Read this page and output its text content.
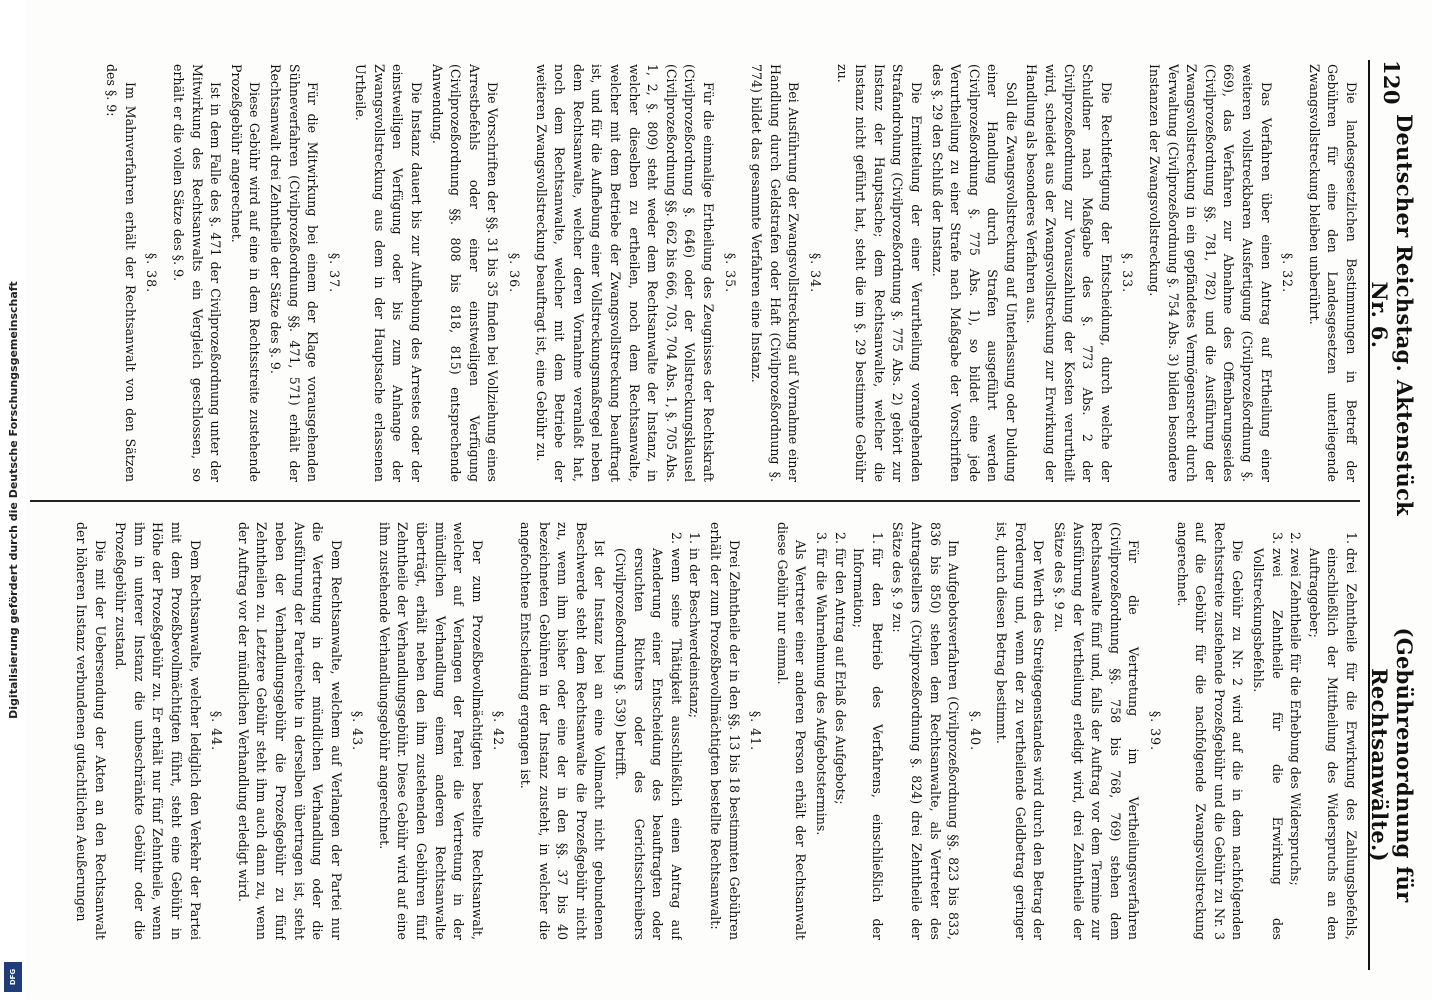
120
Deutscher Reichstag. Aktenstück Nr. 6.
(Gebührenordnung für Rechtsanwälte.)

Die landesgesetzlichen Bestimmungen in Betreff der Gebühren für eine den Landesgesetzen unterliegende Zwangsvollstreckung bleiben unberührt.

§. 32.

Das Verfahren über einen Antrag auf Ertheilung einer weiteren vollstreckbaren Ausfertigung (Civilprozeßordnung §. 669), das Verfahren zur Abnahme des Offenbarungseides (Civilprozeßordnung §§. 781, 782) und die Ausführung der Zwangsvollstreckung in ein gepfändetes Vermögensrecht durch Verwaltung (Civilprozeßordnung §. 754 Abs. 3) bilden besondere Instanzen der Zwangsvollstreckung.

§. 33.

Die Rechtfertigung der Entscheidung, durch welche der Schuldner nach Maßgabe des §. 773 Abs. 2 der Civilprozeßordnung zur Vorauszahlung der Kosten verurtheilt wird, scheidet aus der Zwangsvollstreckung zur Erwirkung der Handlung als besonderes Verfahren aus.

Soll die Zwangsvollstreckung auf Unterlassung oder Duldung einer Handlung durch Strafen ausgeführt werden (Civilprozeßordnung §. 775 Abs. 1), so bildet eine jede Verurtheilung zu einer Strafe nach Maßgabe der Vorschriften des §. 29 den Schluß der Instanz.

Die Ermittelung der einer Verurtheilung vorangehenden Strafandrohung (Civilprozeßordnung §. 775 Abs. 2) gehört zur Instanz der Hauptsache; dem Rechtsanwalte, welcher die Instanz nicht geführt hat, steht die im §. 29 bestimmte Gebühr zu.

§. 34.

Bei Ausführung der Zwangsvollstreckung auf Vornahme einer Handlung durch Geldstrafen oder Haft (Civilprozeßordnung §. 774) bildet das gesammte Verfahren eine Instanz.

§. 35.

Für die einmalige Ertheilung des Zeugnisses der Rechtskraft (Civilprozeßordnung §. 646) oder der Vollstreckungsklausel (Civilprozeßordnung §§. 662 bis 666, 703, 704 Abs. 1, §. 705 Abs. 1, 2, §. 809) steht weder dem Rechtsanwalte der Instanz, in welcher dieselben zu ertheilen, noch dem Rechtsanwalte, welcher mit dem Betriebe der Zwangsvollstreckung beauftragt ist, und für die Aufhebung einer Vollstreckungsmaßregel neben dem Rechtsanwalte, welcher deren Vornahme veranlaßt hat, noch dem Rechtsanwalte, welcher mit dem Betriebe der weiteren Zwangsvollstreckung beauftragt ist, eine Gebühr zu.

§. 36.

Die Vorschriften der §§. 31 bis 35 finden bei Vollziehung eines Arrestbefehls oder einer einstweiligen Verfügung (Civilprozeßordnung §§. 808 bis 818, 815) entsprechende Anwendung.

Die Instanz dauert bis zur Aufhebung des Arrestes oder der einstweiligen Verfügung oder bis zum Anhange der Zwangsvollstreckung aus dem in der Hauptsache erlassenen Urtheile.

§. 37.

Für die Mitwirkung bei einem der Klage vorausgehenden Sühneverfahren (Civilprozeßordnung §§. 471, 571) erhält der Rechtsanwalt drei Zehntheile der Sätze des §. 9.

Diese Gebühr wird auf eine in dem Rechtsstreite zustehende Prozeßgebühr angerechnet.

Ist in dem Falle des §. 471 der Civilprozeßordnung unter der Mitwirkung des Rechtsanwalts ein Vergleich geschlossen, so erhält er die vollen Sätze des §. 9.

§. 38.

Im Mahnverfahren erhält der Rechtsanwalt von den Sätzen des §. 9:

1. drei Zehntheile für die Erwirkung des Zahlungsbefehls, einschließlich der Mittheilung des Widerspruchs an den Auftraggeber;
2. zwei Zehntheile für die Erhebung des Widerspruchs;
3. zwei Zehntheile für die Erwirkung des Vollstreckungsbefehls.

Die Gebühr zu Nr. 2 wird auf die in dem nachfolgenden Rechtsstreite zustehende Prozeßgebühr und die Gebühr zu Nr. 3 auf die Gebühr für die nachfolgende Zwangsvollstreckung angerechnet.

§. 39.

Für die Vertretung im Vertheilungsverfahren (Civilprozeßordnung §§. 758 bis 768, 769) stehen dem Rechtsanwalte fünf und, falls der Auftrag vor dem Termine zur Ausführung der Vertheilung erledigt wird, drei Zehntheile der Sätze des §. 9 zu.

Der Werth des Streitgegenstandes wird durch den Betrag der Forderung und, wenn der zu vertheilende Geldbetrag geringer ist, durch diesen Betrag bestimmt.

§. 40.

Im Aufgebotsverfahren (Civilprozeßordnung §§. 823 bis 833, 836 bis 850) stehen dem Rechtsanwalte, als Vertreter des Antragstellers (Civilprozeßordnung §. 824) drei Zehntheile der Sätze des §. 9 zu:

1. für den Betrieb des Verfahrens, einschließlich der Information;
2. für den Antrag auf Erlaß des Aufgebots;
3. für die Wahrnehmung des Aufgebotstermins.

Als Vertreter einer anderen Person erhält der Rechtsanwalt diese Gebühr nur einmal.

§. 41.

Drei Zehntheile der in den §§. 13 bis 18 bestimmten Gebühren erhält der zum Prozeßbevollmächtigten bestellte Rechtsanwalt:

1. in der Beschwerdeinstanz;
2. wenn seine Thätigkeit ausschließlich einen Antrag auf Aenderung einer Entscheidung des beauftragten oder ersuchten Richters oder des Gerichtsschreibers (Civilprozeßordnung §. 539) betrifft.

Ist der Instanz bei an eine Vollmacht nicht gebundenen Beschwerde steht dem Rechtsanwalte die Prozeßgebühr nicht zu, wenn ihm bisher oder eine der in den §§. 37 bis 40 bezeichneten Gebühren in der Instanz zusteht, in welcher die angefochtene Entscheidung ergangen ist.

§. 42.

Der zum Prozeßbevollmächtigten bestellte Rechtsanwalt, welcher auf Verlangen der Partei die Vertretung in der mündlichen Verhandlung einem anderen Rechtsanwalte überträgt, erhält neben den ihm zustehenden Gebühren fünf Zehntheile der Verhandlungsgebühr. Diese Gebühr wird auf eine ihm zustehende Verhandlungsgebühr angerechnet.

§. 43.

Dem Rechtsanwalte, welchem auf Verlangen der Partei nur die Vertretung in der mündlichen Verhandlung oder die Ausführung der Parteirechte in derselben übertragen ist, steht neben der Verhandlungsgebühr die Prozeßgebühr zu fünf Zehntheilen zu. Letztere Gebühr steht ihm auch dann zu, wenn der Auftrag vor der mündlichen Verhandlung erledigt wird.

§. 44.

Dem Rechtsanwalte, welcher lediglich den Verkehr der Partei mit dem Prozeßbevollmächtigten führt, steht eine Gebühr in Höhe der Prozeßgebühr zu. Er erhält nur fünf Zehntheile, wenn ihm in unterer Instanz die unbeschränkte Gebühr oder die Prozeßgebühr zustand.

Die mit der Uebersendung der Akten an den Rechtsanwalt der höheren Instanz verbundenen gutachtlichen Aeußerungen

Digitalisierung gefördert durch die Deutsche Forschungsgemeinschaft
DFG
